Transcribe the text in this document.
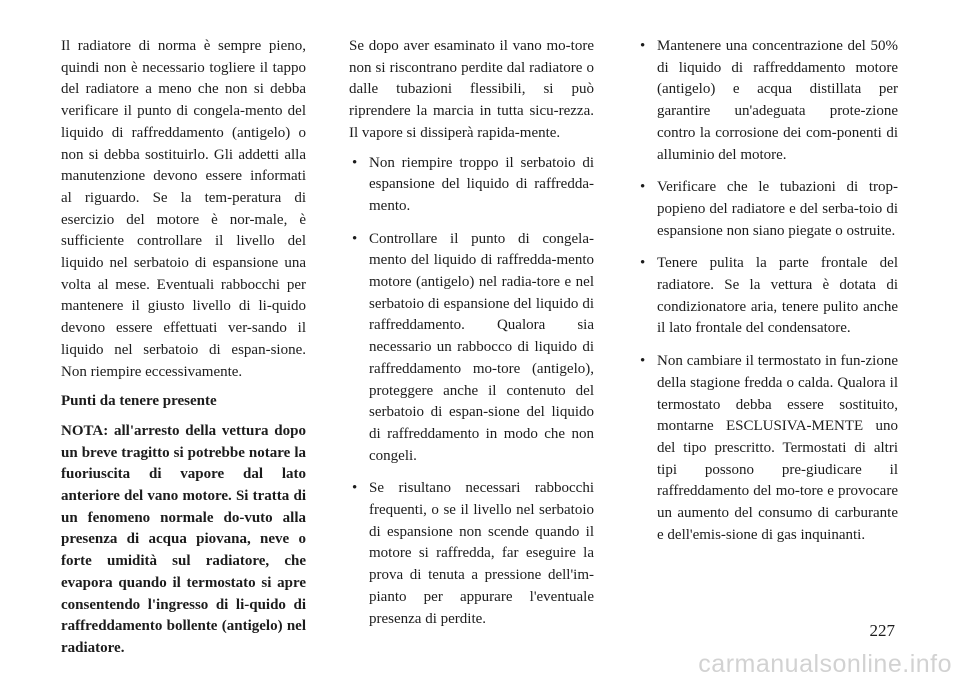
Il radiatore di norma è sempre pieno, quindi non è necessario togliere il tappo del radiatore a meno che non si debba verificare il punto di congela-mento del liquido di raffreddamento (antigelo) o non si debba sostituirlo. Gli addetti alla manutenzione devono essere informati al riguardo. Se la tem-peratura di esercizio del motore è nor-male, è sufficiente controllare il livello del liquido nel serbatoio di espansione una volta al mese. Eventuali rabbocchi per mantenere il giusto livello di li-quido devono essere effettuati ver-sando il liquido nel serbatoio di espan-sione. Non riempire eccessivamente.

Punti da tenere presente

NOTA: all'arresto della vettura dopo un breve tragitto si potrebbe notare la fuoriuscita di vapore dal lato anteriore del vano motore. Si tratta di un fenomeno normale do-vuto alla presenza di acqua piovana, neve o forte umidità sul radiatore, che evapora quando il termostato si apre consentendo l'ingresso di li-quido di raffreddamento bollente (antigelo) nel radiatore.

Se dopo aver esaminato il vano mo-tore non si riscontrano perdite dal radiatore o dalle tubazioni flessibili, si può riprendere la marcia in tutta sicu-rezza. Il vapore si dissiperà rapida-mente.

• Non riempire troppo il serbatoio di espansione del liquido di raffredda-mento.
• Controllare il punto di congela-mento del liquido di raffredda-mento motore (antigelo) nel radia-tore e nel serbatoio di espansione del liquido di raffreddamento. Qualora sia necessario un rabbocco di liquido di raffreddamento mo-tore (antigelo), proteggere anche il contenuto del serbatoio di espan-sione del liquido di raffreddamento in modo che non congeli.
• Se risultano necessari rabbocchi frequenti, o se il livello nel serbatoio di espansione non scende quando il motore si raffredda, far eseguire la prova di tenuta a pressione dell'im-pianto per appurare l'eventuale presenza di perdite.
• Mantenere una concentrazione del 50% di liquido di raffreddamento motore (antigelo) e acqua distillata per garantire un'adeguata prote-zione contro la corrosione dei com-ponenti di alluminio del motore.
• Verificare che le tubazioni di trop-popieno del radiatore e del serba-toio di espansione non siano piegate o ostruite.
• Tenere pulita la parte frontale del radiatore. Se la vettura è dotata di condizionatore aria, tenere pulito anche il lato frontale del condensatore.
• Non cambiare il termostato in fun-zione della stagione fredda o calda. Qualora il termostato debba essere sostituito, montarne ESCLUSIVA-MENTE uno del tipo prescritto. Termostati di altri tipi possono pre-giudicare il raffreddamento del mo-tore e provocare un aumento del consumo di carburante e dell'emis-sione di gas inquinanti.
227
carmanualsonline.info
